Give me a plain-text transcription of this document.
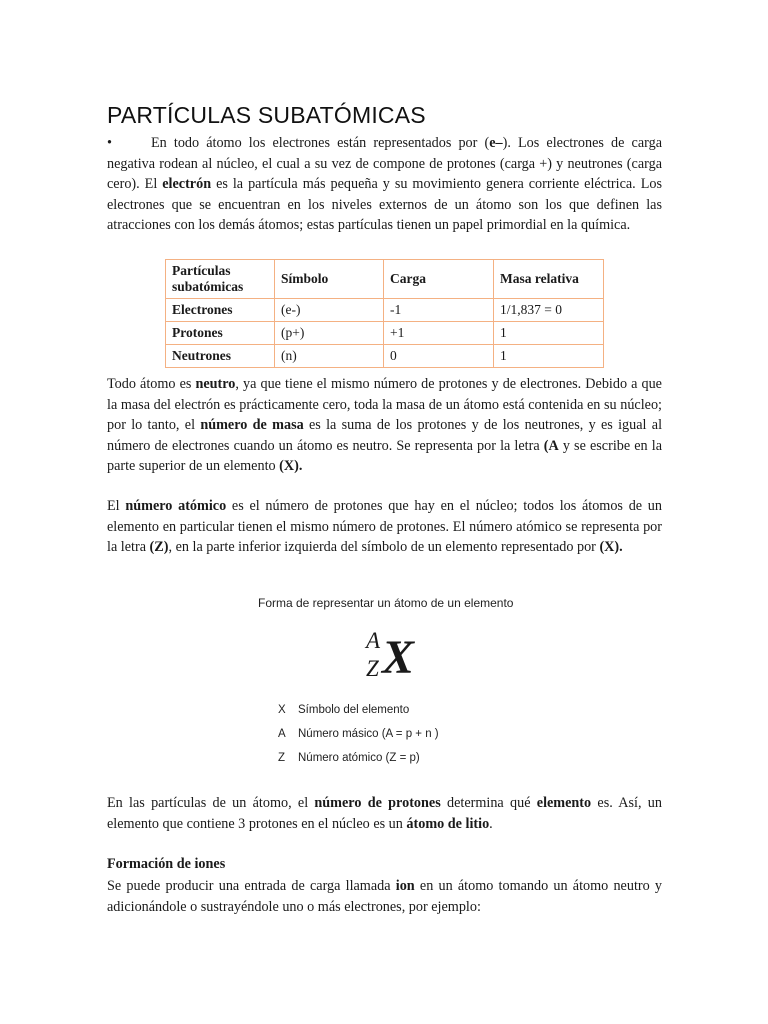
PARTÍCULAS SUBATÓMICAS

•	En todo átomo los electrones están representados por (e–). Los electrones de carga negativa rodean al núcleo, el cual a su vez de compone de protones (carga +) y neutrones (carga cero). El electrón es la partícula más pequeña y su movimiento genera corriente eléctrica. Los electrones que se encuentran en los niveles externos de un átomo son los que definen las atracciones con los demás átomos; estas partículas tienen un papel primordial en la química.

Partículas subatómicas	Símbolo	Carga	Masa relativa
Electrones	(e-)	-1	1/1,837 = 0
Protones	(p+)	+1	1
Neutrones	(n)	0	1

Todo átomo es neutro, ya que tiene el mismo número de protones y de electrones. Debido a que la masa del electrón es prácticamente cero, toda la masa de un átomo está contenida en su núcleo; por lo tanto, el número de masa es la suma de los protones y de los neutrones, y es igual al número de electrones cuando un átomo es neutro. Se representa por la letra (A y se escribe en la parte superior de un elemento (X).

El número atómico es el número de protones que hay en el núcleo; todos los átomos de un elemento en particular tienen el mismo número de protones. El número atómico se representa por la letra (Z), en la parte inferior izquierda del símbolo de un elemento representado por (X).

En las partículas de un átomo, el número de protones determina qué elemento es. Así, un elemento que contiene 3 protones en el núcleo es un átomo de litio.

Formación de iones

Se puede producir una entrada de carga llamada ion en un átomo tomando un átomo neutro y adicionándole o sustrayéndole uno o más electrones, por ejemplo:

Forma de representar un átomo de un elemento
A
Z X
X Símbolo del elemento
A Número másico (A = p + n )
Z Número atómico (Z = p)
